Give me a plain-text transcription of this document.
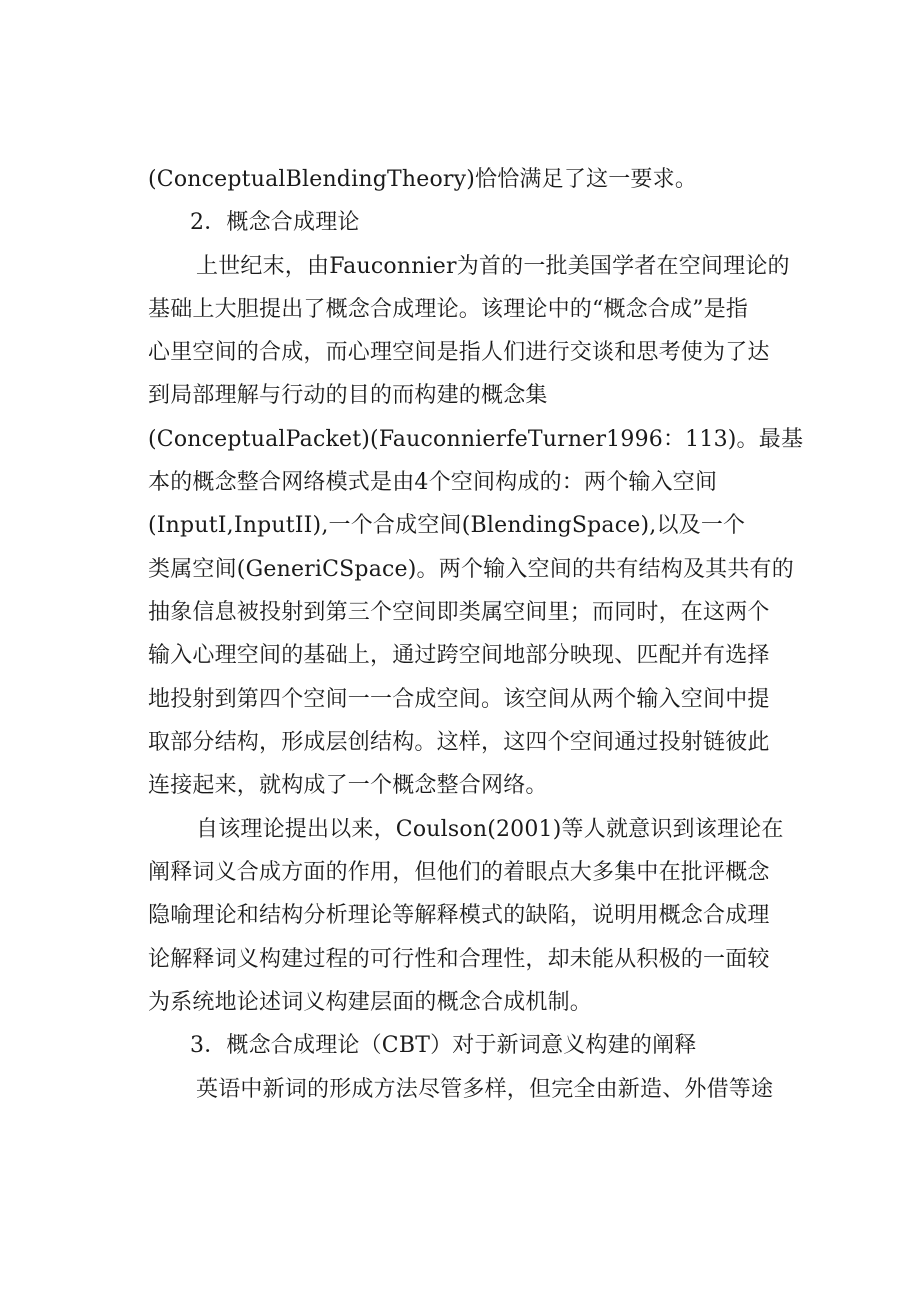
(ConceptualBlendingTheory)恰恰满足了这一要求。
2．概念合成理论
上世纪末，由Fauconnier为首的一批美国学者在空间理论的
基础上大胆提出了概念合成理论。该理论中的“概念合成”是指
心里空间的合成，而心理空间是指人们进行交谈和思考使为了达
到局部理解与行动的目的而构建的概念集
(ConceptualPacket)(FauconnierfeTurner1996：113)。最基
本的概念整合网络模式是由4个空间构成的：两个输入空间
(InputI,InputII),一个合成空间(BlendingSpace),以及一个
类属空间(GeneriCSpace)。两个输入空间的共有结构及其共有的
抽象信息被投射到第三个空间即类属空间里；而同时，在这两个
输入心理空间的基础上，通过跨空间地部分映现、匹配并有选择
地投射到第四个空间一一合成空间。该空间从两个输入空间中提
取部分结构，形成层创结构。这样，这四个空间通过投射链彼此
连接起来，就构成了一个概念整合网络。
自该理论提出以来，Coulson(2001)等人就意识到该理论在
阐释词义合成方面的作用，但他们的着眼点大多集中在批评概念
隐喻理论和结构分析理论等解释模式的缺陷，说明用概念合成理
论解释词义构建过程的可行性和合理性，却未能从积极的一面较
为系统地论述词义构建层面的概念合成机制。
3．概念合成理论（CBT）对于新词意义构建的阐释
英语中新词的形成方法尽管多样，但完全由新造、外借等途
